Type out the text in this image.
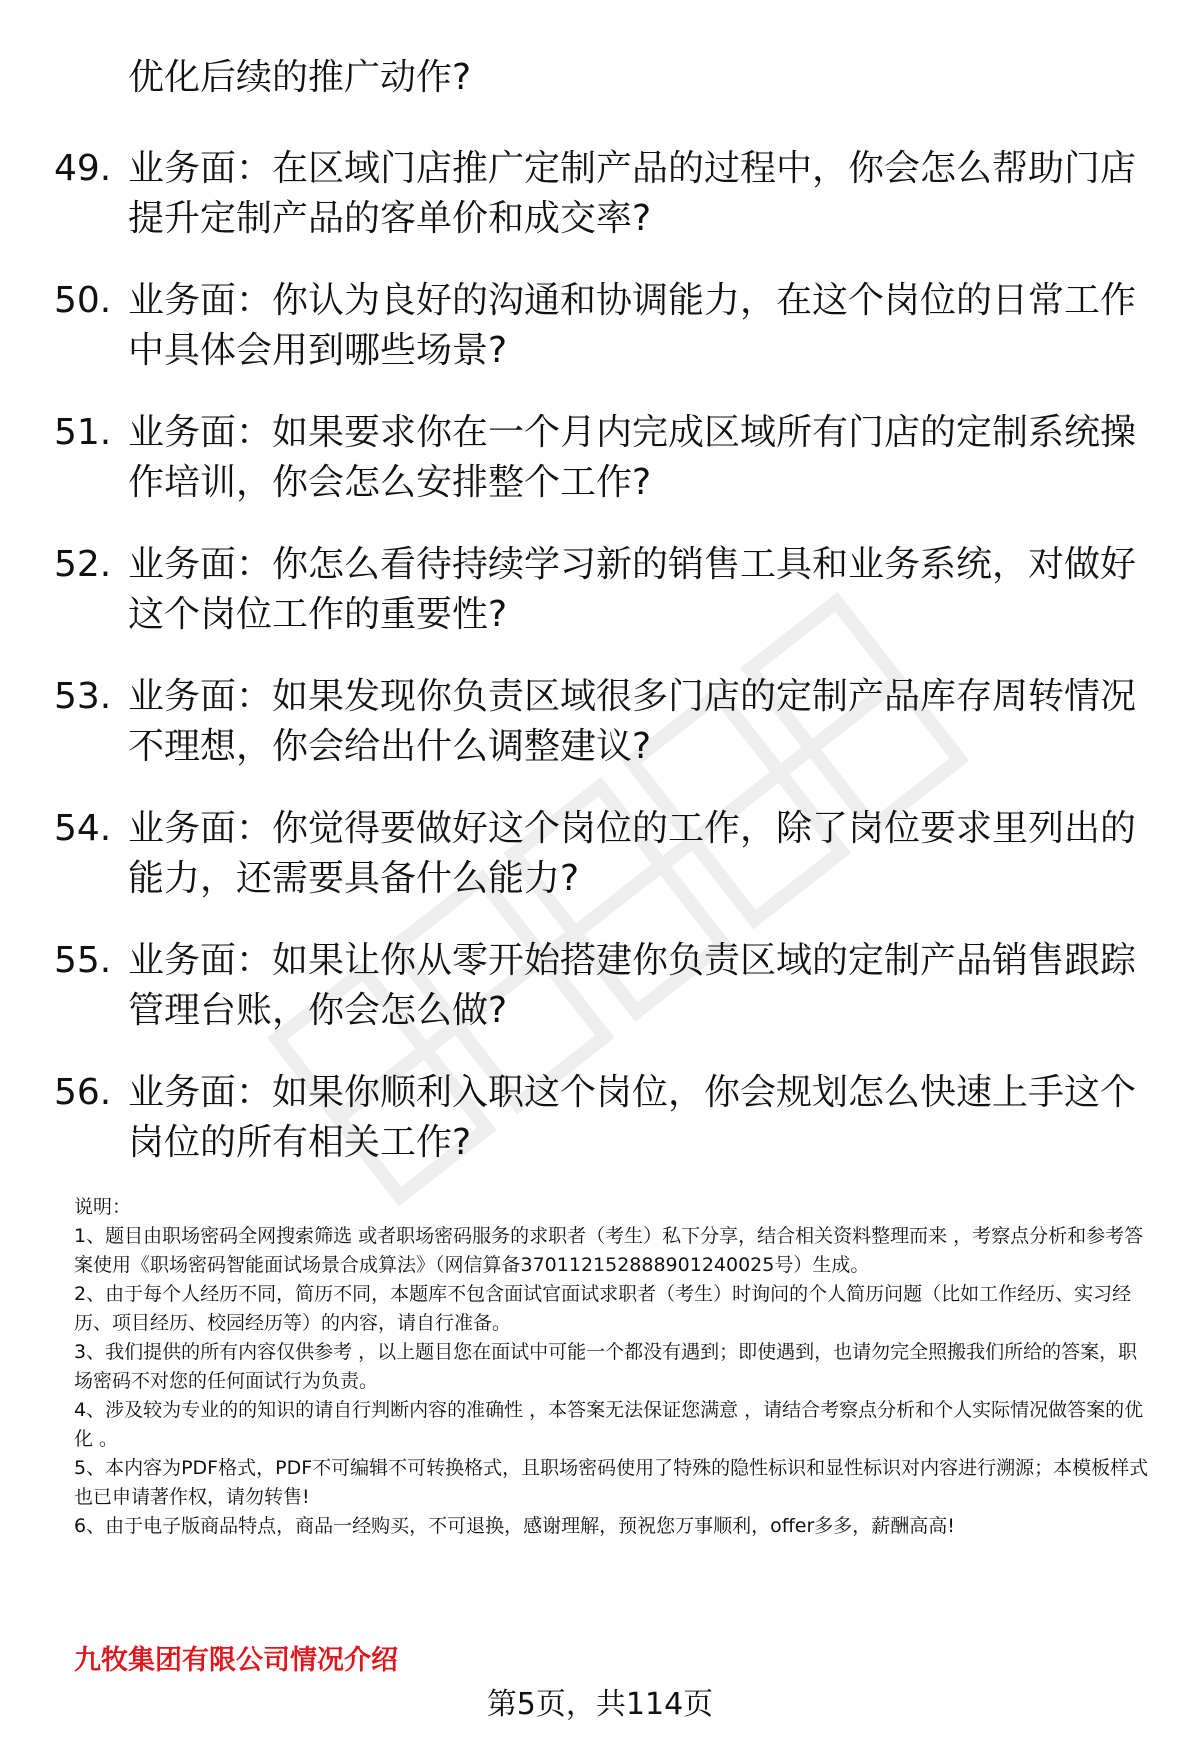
优化后续的推广动作?

49. 业务面：在区域门店推广定制产品的过程中，你会怎么帮助门店提升定制产品的客单价和成交率?

50. 业务面：你认为良好的沟通和协调能力，在这个岗位的日常工作中具体会用到哪些场景?

51. 业务面：如果要求你在一个月内完成区域所有门店的定制系统操作培训，你会怎么安排整个工作?

52. 业务面：你怎么看待持续学习新的销售工具和业务系统，对做好这个岗位工作的重要性?

53. 业务面：如果发现你负责区域很多门店的定制产品库存周转情况不理想，你会给出什么调整建议?

54. 业务面：你觉得要做好这个岗位的工作，除了岗位要求里列出的能力，还需要具备什么能力?

55. 业务面：如果让你从零开始搭建你负责区域的定制产品销售跟踪管理台账，你会怎么做?

56. 业务面：如果你顺利入职这个岗位，你会规划怎么快速上手这个岗位的所有相关工作?

说明：

1、题目由职场密码全网搜索筛选 或者职场密码服务的求职者（考生）私下分享，结合相关资料整理而来 ，考察点分析和参考答案使用《职场密码智能面试场景合成算法》（网信算备370112152888901240025号）生成。

2、由于每个人经历不同，简历不同，本题库不包含面试官面试求职者（考生）时询问的个人简历问题（比如工作经历、实习经历、项目经历、校园经历等）的内容，请自行准备。

3、我们提供的所有内容仅供参考 ，以上题目您在面试中可能一个都没有遇到；即使遇到，也请勿完全照搬我们所给的答案，职场密码不对您的任何面试行为负责。

4、涉及较为专业的的知识的请自行判断内容的准确性 ，本答案无法保证您满意 ，请结合考察点分析和个人实际情况做答案的优化 。

5、本内容为PDF格式，PDF不可编辑不可转换格式，且职场密码使用了特殊的隐性标识和显性标识对内容进行溯源；本模板样式也已申请著作权，请勿转售!

6、由于电子版商品特点，商品一经购买，不可退换，感谢理解，预祝您万事顺利，offer多多，薪酬高高!

九牧集团有限公司情况介绍
第5页，共114页
